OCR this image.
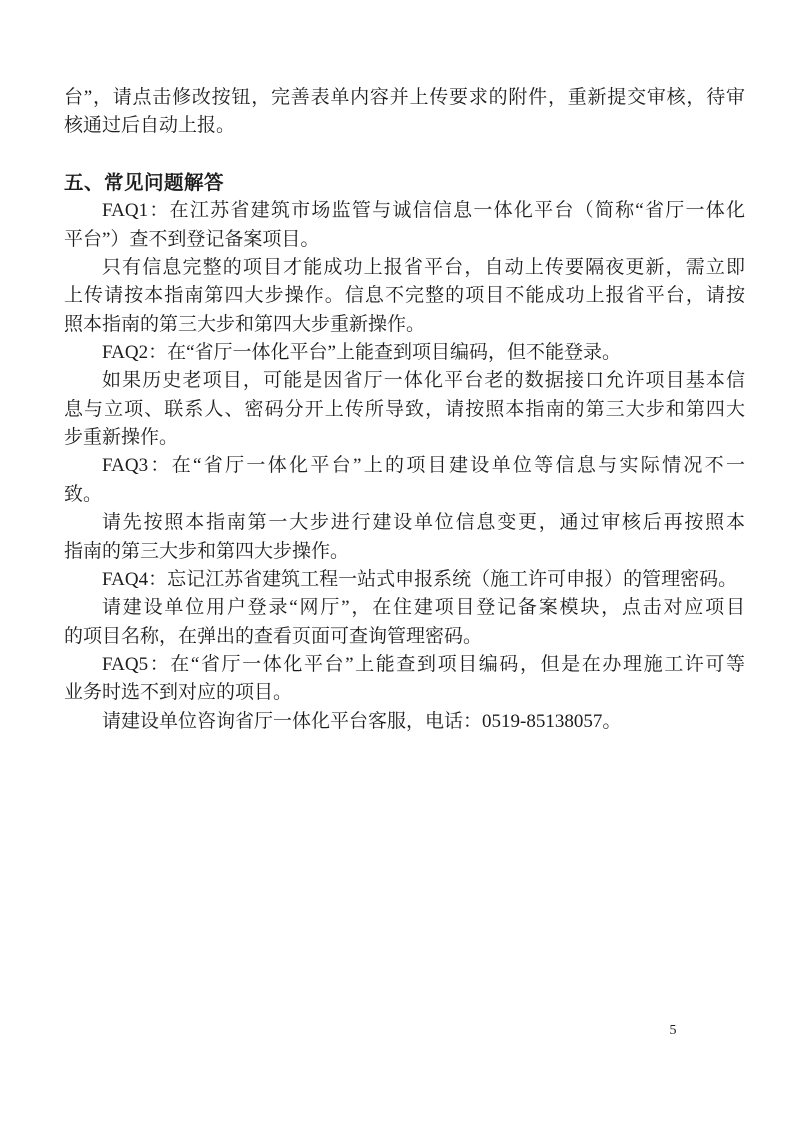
台”，请点击修改按钮，完善表单内容并上传要求的附件，重新提交审核，待审
核通过后自动上报。

五、常见问题解答
FAQ1：在江苏省建筑市场监管与诚信信息一体化平台（简称“省厅一体化
平台”）查不到登记备案项目。
只有信息完整的项目才能成功上报省平台，自动上传要隔夜更新，需立即
上传请按本指南第四大步操作。信息不完整的项目不能成功上报省平台，请按
照本指南的第三大步和第四大步重新操作。
FAQ2：在“省厅一体化平台”上能查到项目编码，但不能登录。
如果历史老项目，可能是因省厅一体化平台老的数据接口允许项目基本信
息与立项、联系人、密码分开上传所导致，请按照本指南的第三大步和第四大
步重新操作。
FAQ3：在“省厅一体化平台”上的项目建设单位等信息与实际情况不一
致。
请先按照本指南第一大步进行建设单位信息变更，通过审核后再按照本
指南的第三大步和第四大步操作。
FAQ4：忘记江苏省建筑工程一站式申报系统（施工许可申报）的管理密码。
请建设单位用户登录“网厅”，在住建项目登记备案模块，点击对应项目
的项目名称，在弹出的查看页面可查询管理密码。
FAQ5：在“省厅一体化平台”上能查到项目编码，但是在办理施工许可等
业务时选不到对应的项目。
请建设单位咨询省厅一体化平台客服，电话：0519-85138057。
5
